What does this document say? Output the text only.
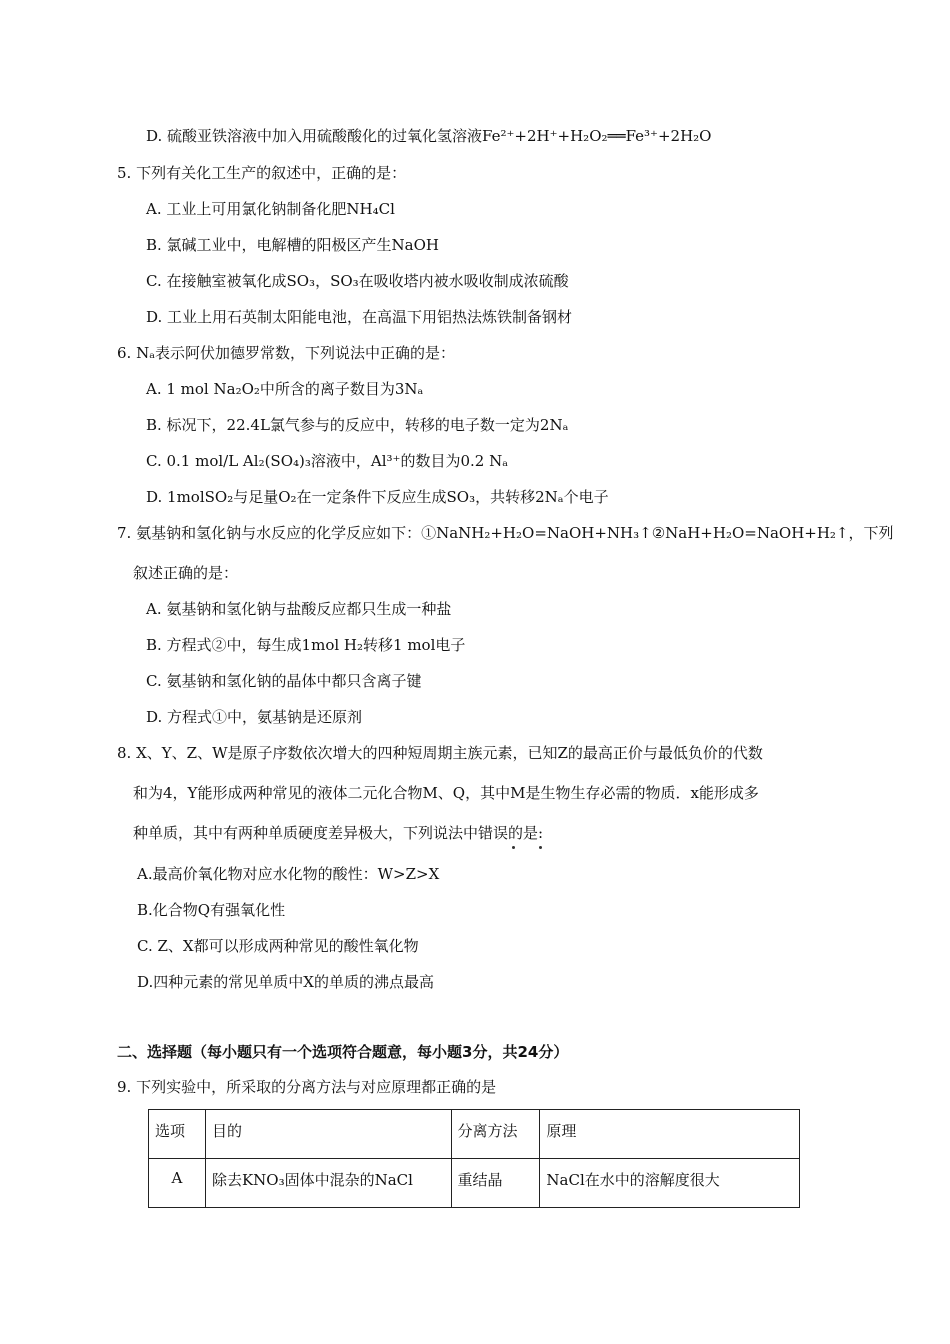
D. 硫酸亚铁溶液中加入用硫酸酸化的过氧化氢溶液Fe²⁺+2H⁺+H₂O₂══Fe³⁺+2H₂O
5. 下列有关化工生产的叙述中，正确的是：
A. 工业上可用氯化钠制备化肥NH₄Cl
B. 氯碱工业中，电解槽的阳极区产生NaOH
C. 在接触室被氧化成SO₃，SO₃在吸收塔内被水吸收制成浓硫酸
D. 工业上用石英制太阳能电池，在高温下用铝热法炼铁制备钢材
6. Nₐ表示阿伏加德罗常数，下列说法中正确的是：
A. 1 mol Na₂O₂中所含的离子数目为3Nₐ
B. 标况下，22.4L氯气参与的反应中，转移的电子数一定为2Nₐ
C. 0.1 mol/L Al₂(SO₄)₃溶液中，Al³⁺的数目为0.2 Nₐ
D. 1molSO₂与足量O₂在一定条件下反应生成SO₃，共转移2Nₐ个电子
7. 氨基钠和氢化钠与水反应的化学反应如下：①NaNH₂+H₂O=NaOH+NH₃↑②NaH+H₂O=NaOH+H₂↑，下列
叙述正确的是：
A. 氨基钠和氢化钠与盐酸反应都只生成一种盐
B. 方程式②中，每生成1mol H₂转移1 mol电子
C. 氨基钠和氢化钠的晶体中都只含离子键
D. 方程式①中，氨基钠是还原剂
8. X、Y、Z、W是原子序数依次增大的四种短周期主族元素，已知Z的最高正价与最低负价的代数
和为4，Y能形成两种常见的液体二元化合物M、Q，其中M是生物生存必需的物质．x能形成多
种单质，其中有两种单质硬度差异极大，下列说法中错误的是:
A.最高价氧化物对应水化物的酸性：W>Z>X
B.化合物Q有强氧化性
C. Z、X都可以形成两种常见的酸性氧化物
D.四种元素的常见单质中X的单质的沸点最高
二、选择题（每小题只有一个选项符合题意，每小题3分，共24分）
9. 下列实验中，所采取的分离方法与对应原理都正确的是
选项	目的	分离方法	原理
A	除去KNO₃固体中混杂的NaCl	重结晶	NaCl在水中的溶解度很大
